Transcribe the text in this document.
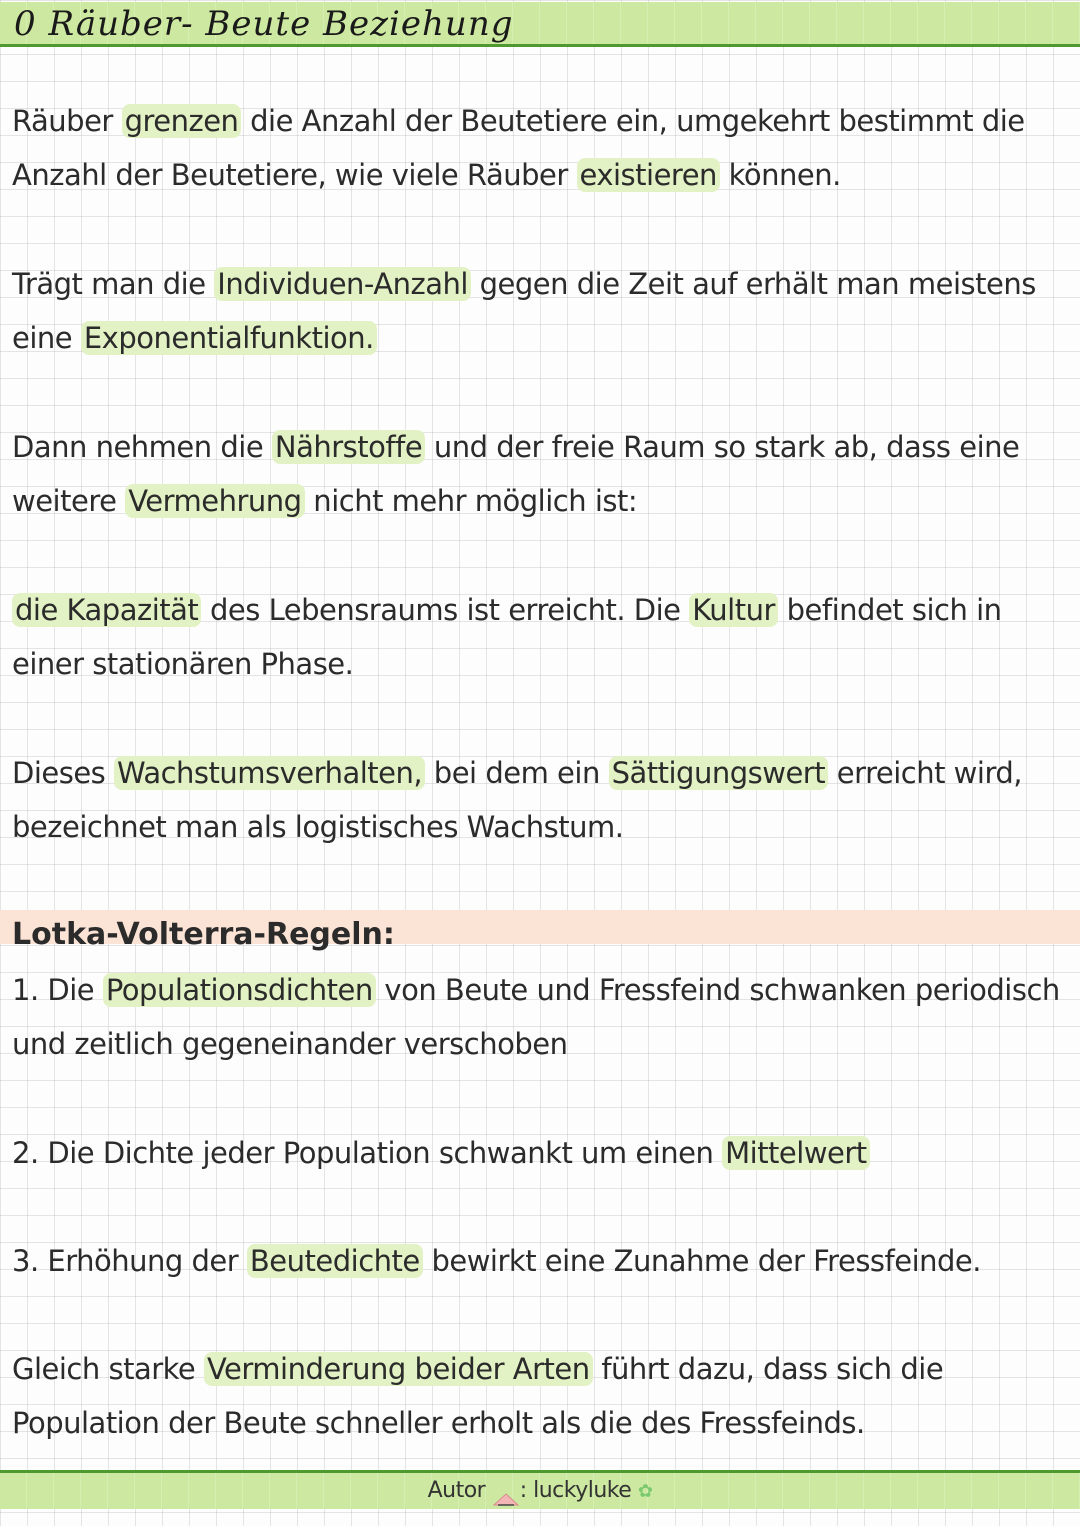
0 Räuber- Beute Beziehung
Räuber grenzen die Anzahl der Beutetiere ein, umgekehrt bestimmt die Anzahl der Beutetiere, wie viele Räuber existieren können.
Trägt man die Individuen-Anzahl gegen die Zeit auf erhält man meistens eine Exponentialfunktion.
Dann nehmen die Nährstoffe und der freie Raum so stark ab, dass eine weitere Vermehrung nicht mehr möglich ist:
die Kapazität des Lebensraums ist erreicht. Die Kultur befindet sich in einer stationären Phase.
Dieses Wachstumsverhalten, bei dem ein Sättigungswert erreicht wird, bezeichnet man als logistisches Wachstum.
Lotka-Volterra-Regeln:
1. Die Populationsdichten von Beute und Fressfeind schwanken periodisch und zeitlich gegeneinander verschoben
2. Die Dichte jeder Population schwankt um einen Mittelwert
3. Erhöhung der Beutedichte bewirkt eine Zunahme der Fressfeinde.
Gleich starke Verminderung beider Arten führt dazu, dass sich die Population der Beute schneller erholt als die des Fressfeinds.
Autor : luckyluke ✿
